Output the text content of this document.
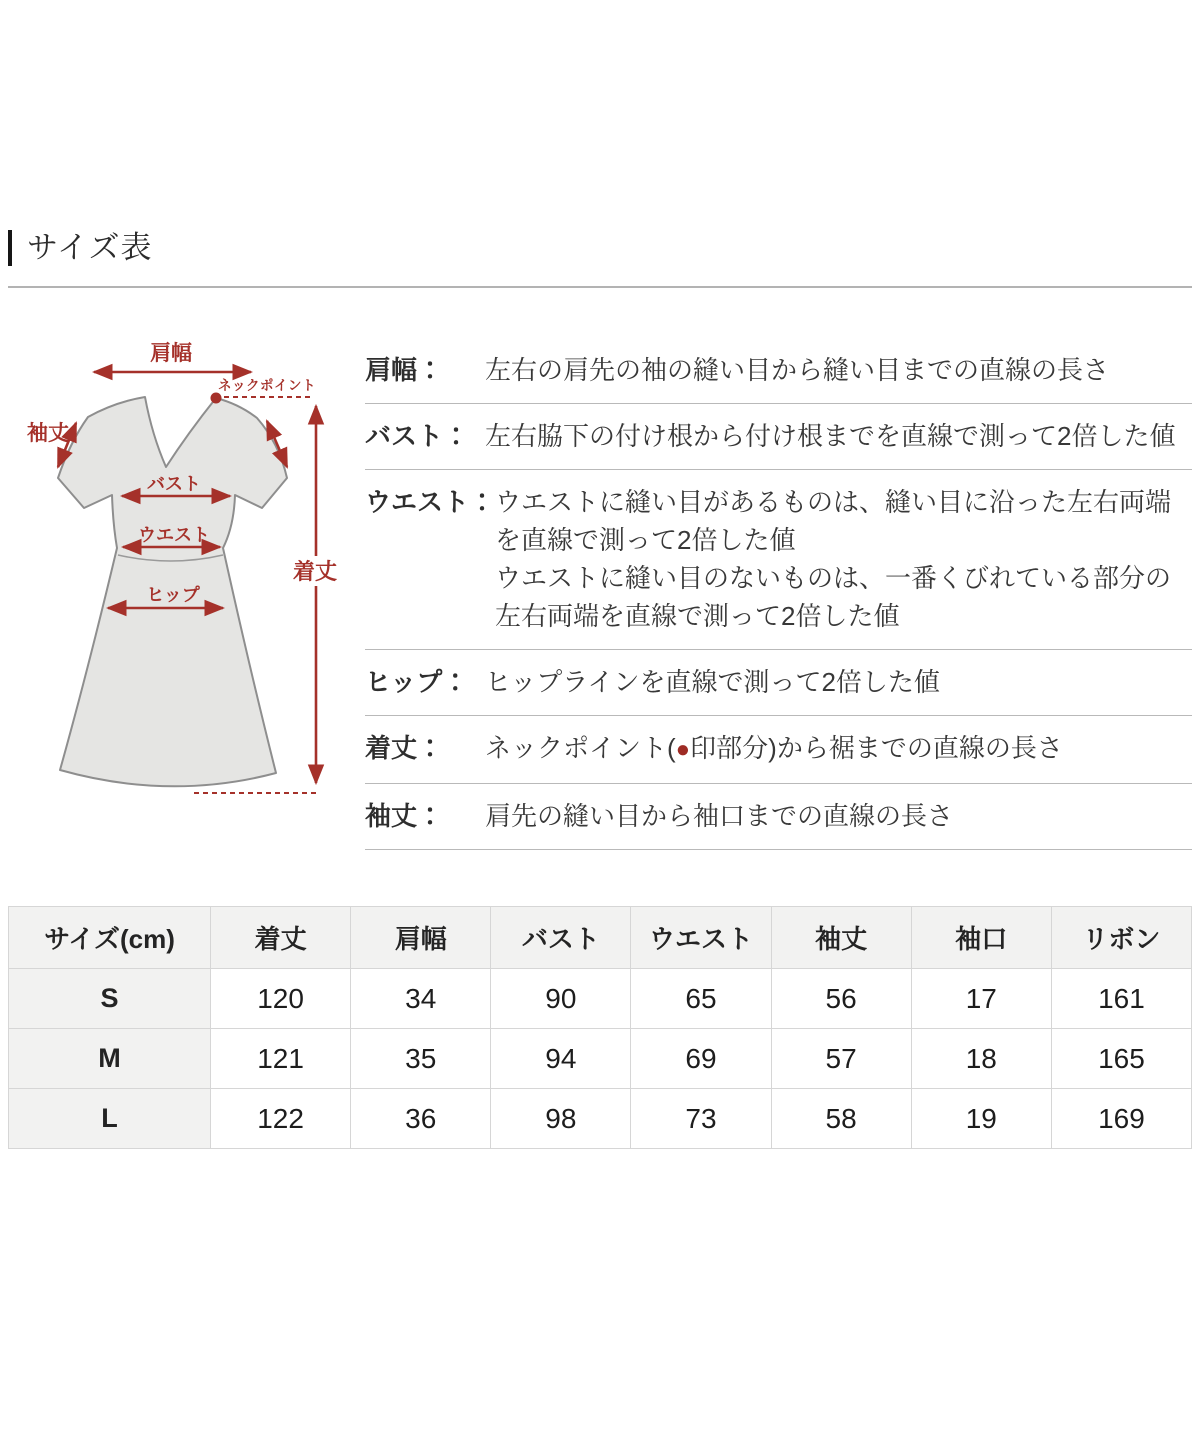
サイズ表
肩幅
ネックポイント
着丈
袖丈
バスト
ウエスト
ヒップ
肩幅：	左右の肩先の袖の縫い目から縫い目までの直線の長さ
バスト： 左右脇下の付け根から付け根までを直線で測って2倍した値
ウエスト： ウエストに縫い目があるものは、縫い目に沿った左右両端
を直線で測って2倍した値
ウエストに縫い目のないものは、一番くびれている部分の
左右両端を直線で測って2倍した値
ヒップ： ヒップラインを直線で測って2倍した値
着丈：	ネックポイント(●印部分)から裾までの直線の長さ
袖丈：	肩先の縫い目から袖口までの直線の長さ
サイズ(cm)	着丈	肩幅	バスト	ウエスト	袖丈	袖口	リボン
S	120	34	90	65	56	17	161
M	121	35	94	69	57	18	165
L	122	36	98	73	58	19	169
